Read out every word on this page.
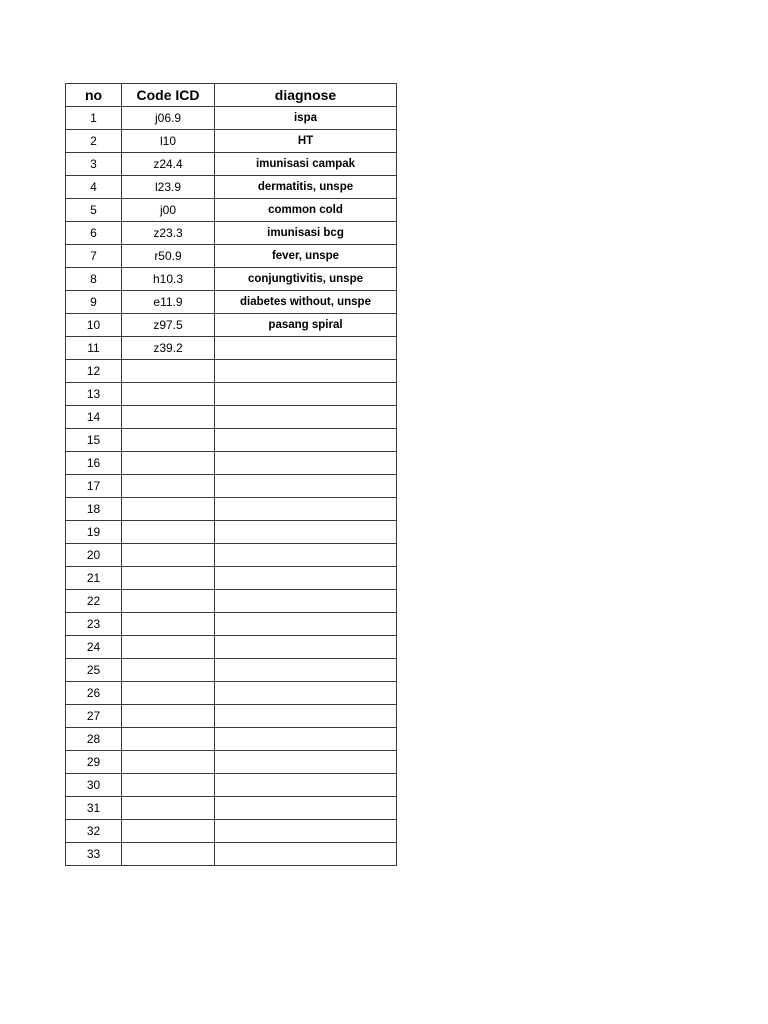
no	Code ICD	diagnose
1	j06.9	ispa
2	l10	HT
3	z24.4	imunisasi campak
4	l23.9	dermatitis, unspe
5	j00	common cold
6	z23.3	imunisasi bcg
7	r50.9	fever, unspe
8	h10.3	conjungtivitis, unspe
9	e11.9	diabetes without, unspe
10	z97.5	pasang spiral
11	z39.2	
12		
13		
14		
15		
16		
17		
18		
19		
20		
21		
22		
23		
24		
25		
26		
27		
28		
29		
30		
31		
32		
33		
